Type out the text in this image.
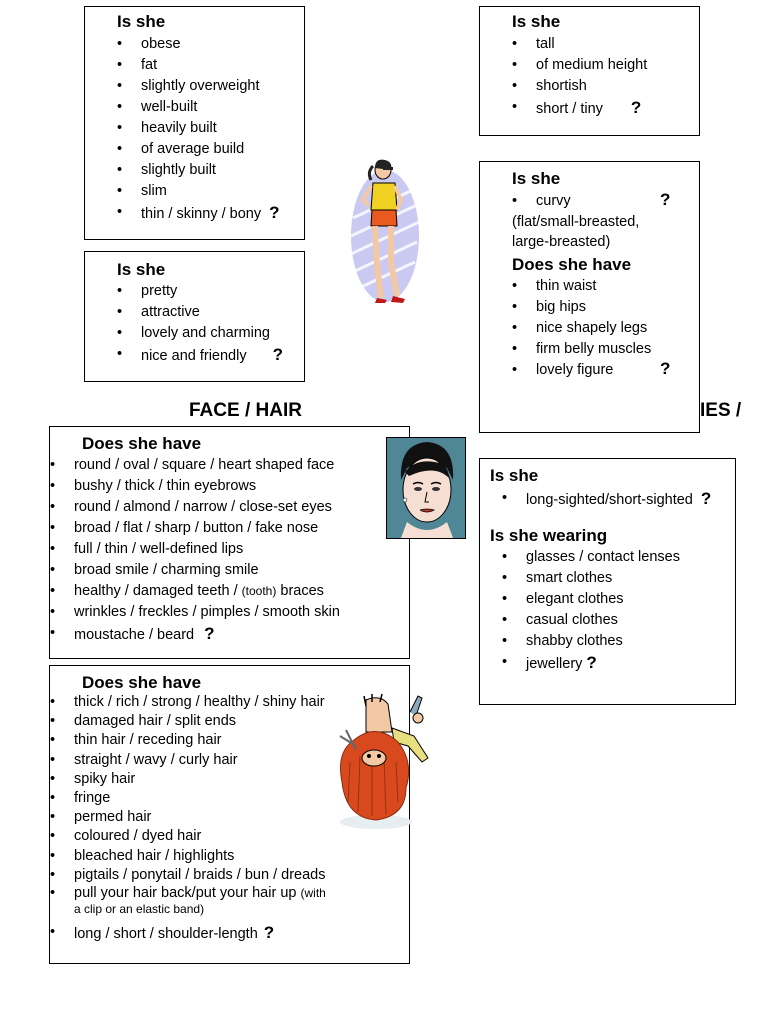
Is she
• obese
• fat
• slightly overweight
• well-built
• heavily built
• of average build
• slightly built
• slim
• thin / skinny / bony ?
Is she
• pretty
• attractive
• lovely and charming
• nice and friendly ?
Is she
• tall
• of medium height
• shortish
• short / tiny ?
Is she
• curvy	?
(flat/small-breasted,
large-breasted)
Does she have
• thin waist
• big hips
• nice shapely legs
• firm belly muscles
• lovely figure	?
FACE / HAIR	IES /
Does she have
• round / oval / square / heart shaped face
• bushy / thick / thin eyebrows
• round / almond / narrow / close-set eyes
• broad / flat / sharp / button / fake nose
• full / thin / well-defined lips
• broad smile / charming smile
• healthy / damaged teeth / (tooth) braces
• wrinkles / freckles / pimples / smooth skin
• moustache / beard ?
Is she
• long-sighted/short-sighted ?
Is she wearing
• glasses / contact lenses
• smart clothes
• elegant clothes
• casual clothes
• shabby clothes
• jewellery ?
Does she have
• thick / rich / strong / healthy / shiny hair
• damaged hair / split ends
• thin hair / receding hair
• straight / wavy / curly hair
• spiky hair
• fringe
• permed hair
• coloured / dyed hair
• bleached hair / highlights
• pigtails / ponytail / braids / bun / dreads
• pull your hair back/put your hair up (with
a clip or an elastic band)
• long / short / shoulder-length ?
